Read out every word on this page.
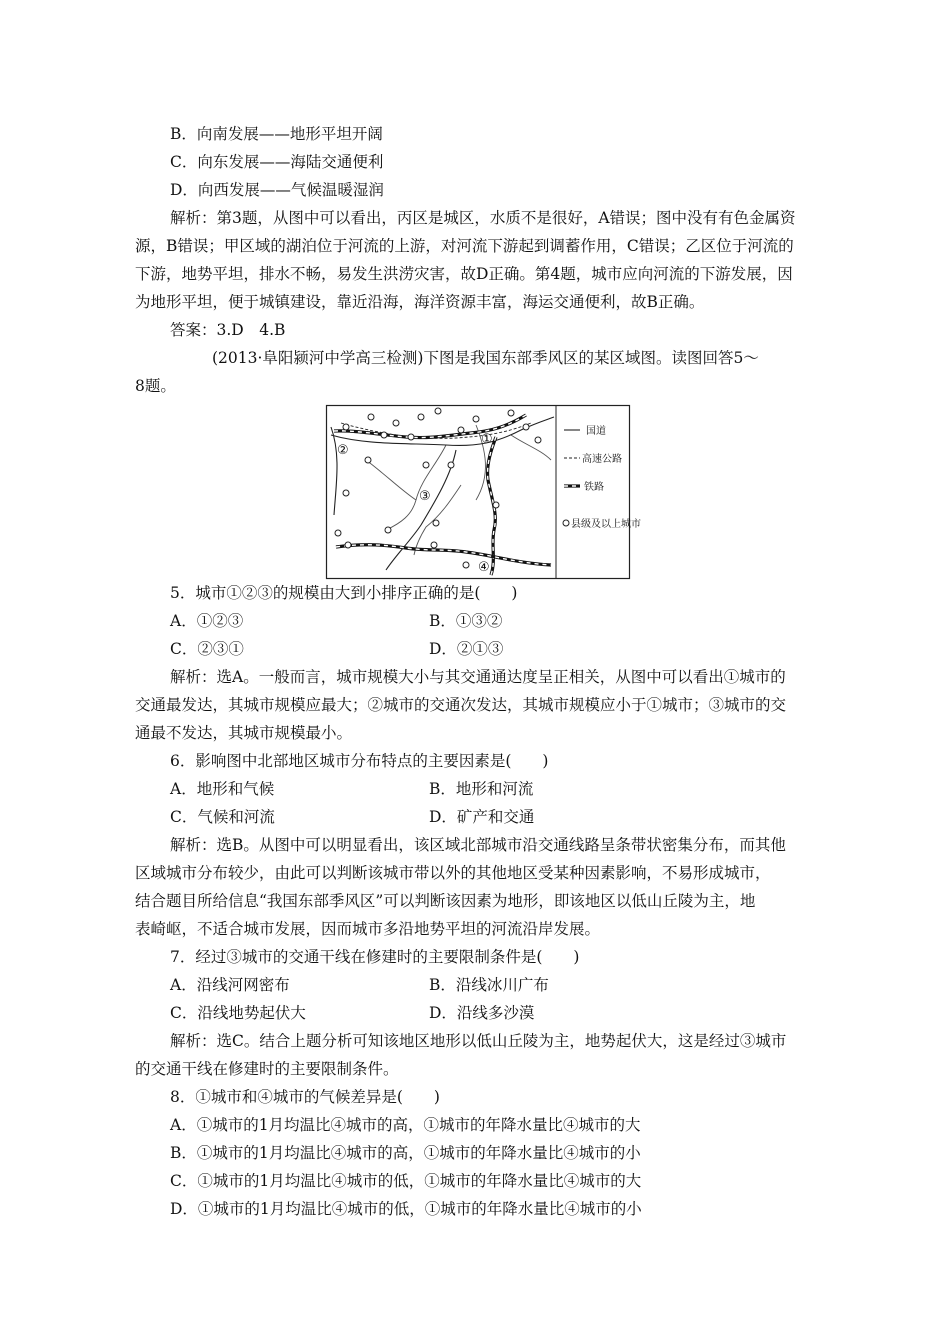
B．向南发展——地形平坦开阔
C．向东发展——海陆交通便利
D．向西发展——气候温暖湿润
解析：第3题，从图中可以看出，丙区是城区，水质不是很好，A错误；图中没有有色金属资
源，B错误；甲区域的湖泊位于河流的上游，对河流下游起到调蓄作用，C错误；乙区位于河流的
下游，地势平坦，排水不畅，易发生洪涝灾害，故D正确。第4题，城市应向河流的下游发展，因
为地形平坦，便于城镇建设，靠近沿海，海洋资源丰富，海运交通便利，故B正确。
答案：3.D　4.B
(2013·阜阳颍河中学高三检测)下图是我国东部季风区的某区域图。读图回答5～
8题。
①
②
③
④
国道
高速公路
铁路
县级及以上城市
5．城市①②③的规模由大到小排序正确的是(　　)
A．①②③	B．①③②
C．②③①	D．②①③
解析：选A。一般而言，城市规模大小与其交通通达度呈正相关，从图中可以看出①城市的
交通最发达，其城市规模应最大；②城市的交通次发达，其城市规模应小于①城市；③城市的交
通最不发达，其城市规模最小。
6．影响图中北部地区城市分布特点的主要因素是(　　)
A．地形和气候	B．地形和河流
C．气候和河流	D．矿产和交通
解析：选B。从图中可以明显看出，该区域北部城市沿交通线路呈条带状密集分布，而其他
区域城市分布较少，由此可以判断该城市带以外的其他地区受某种因素影响，不易形成城市，
结合题目所给信息“我国东部季风区”可以判断该因素为地形，即该地区以低山丘陵为主，地
表崎岖，不适合城市发展，因而城市多沿地势平坦的河流沿岸发展。
7．经过③城市的交通干线在修建时的主要限制条件是(　　)
A．沿线河网密布	B．沿线冰川广布
C．沿线地势起伏大	D．沿线多沙漠
解析：选C。结合上题分析可知该地区地形以低山丘陵为主，地势起伏大，这是经过③城市
的交通干线在修建时的主要限制条件。
8．①城市和④城市的气候差异是(　　)
A．①城市的1月均温比④城市的高，①城市的年降水量比④城市的大
B．①城市的1月均温比④城市的高，①城市的年降水量比④城市的小
C．①城市的1月均温比④城市的低，①城市的年降水量比④城市的大
D．①城市的1月均温比④城市的低，①城市的年降水量比④城市的小
